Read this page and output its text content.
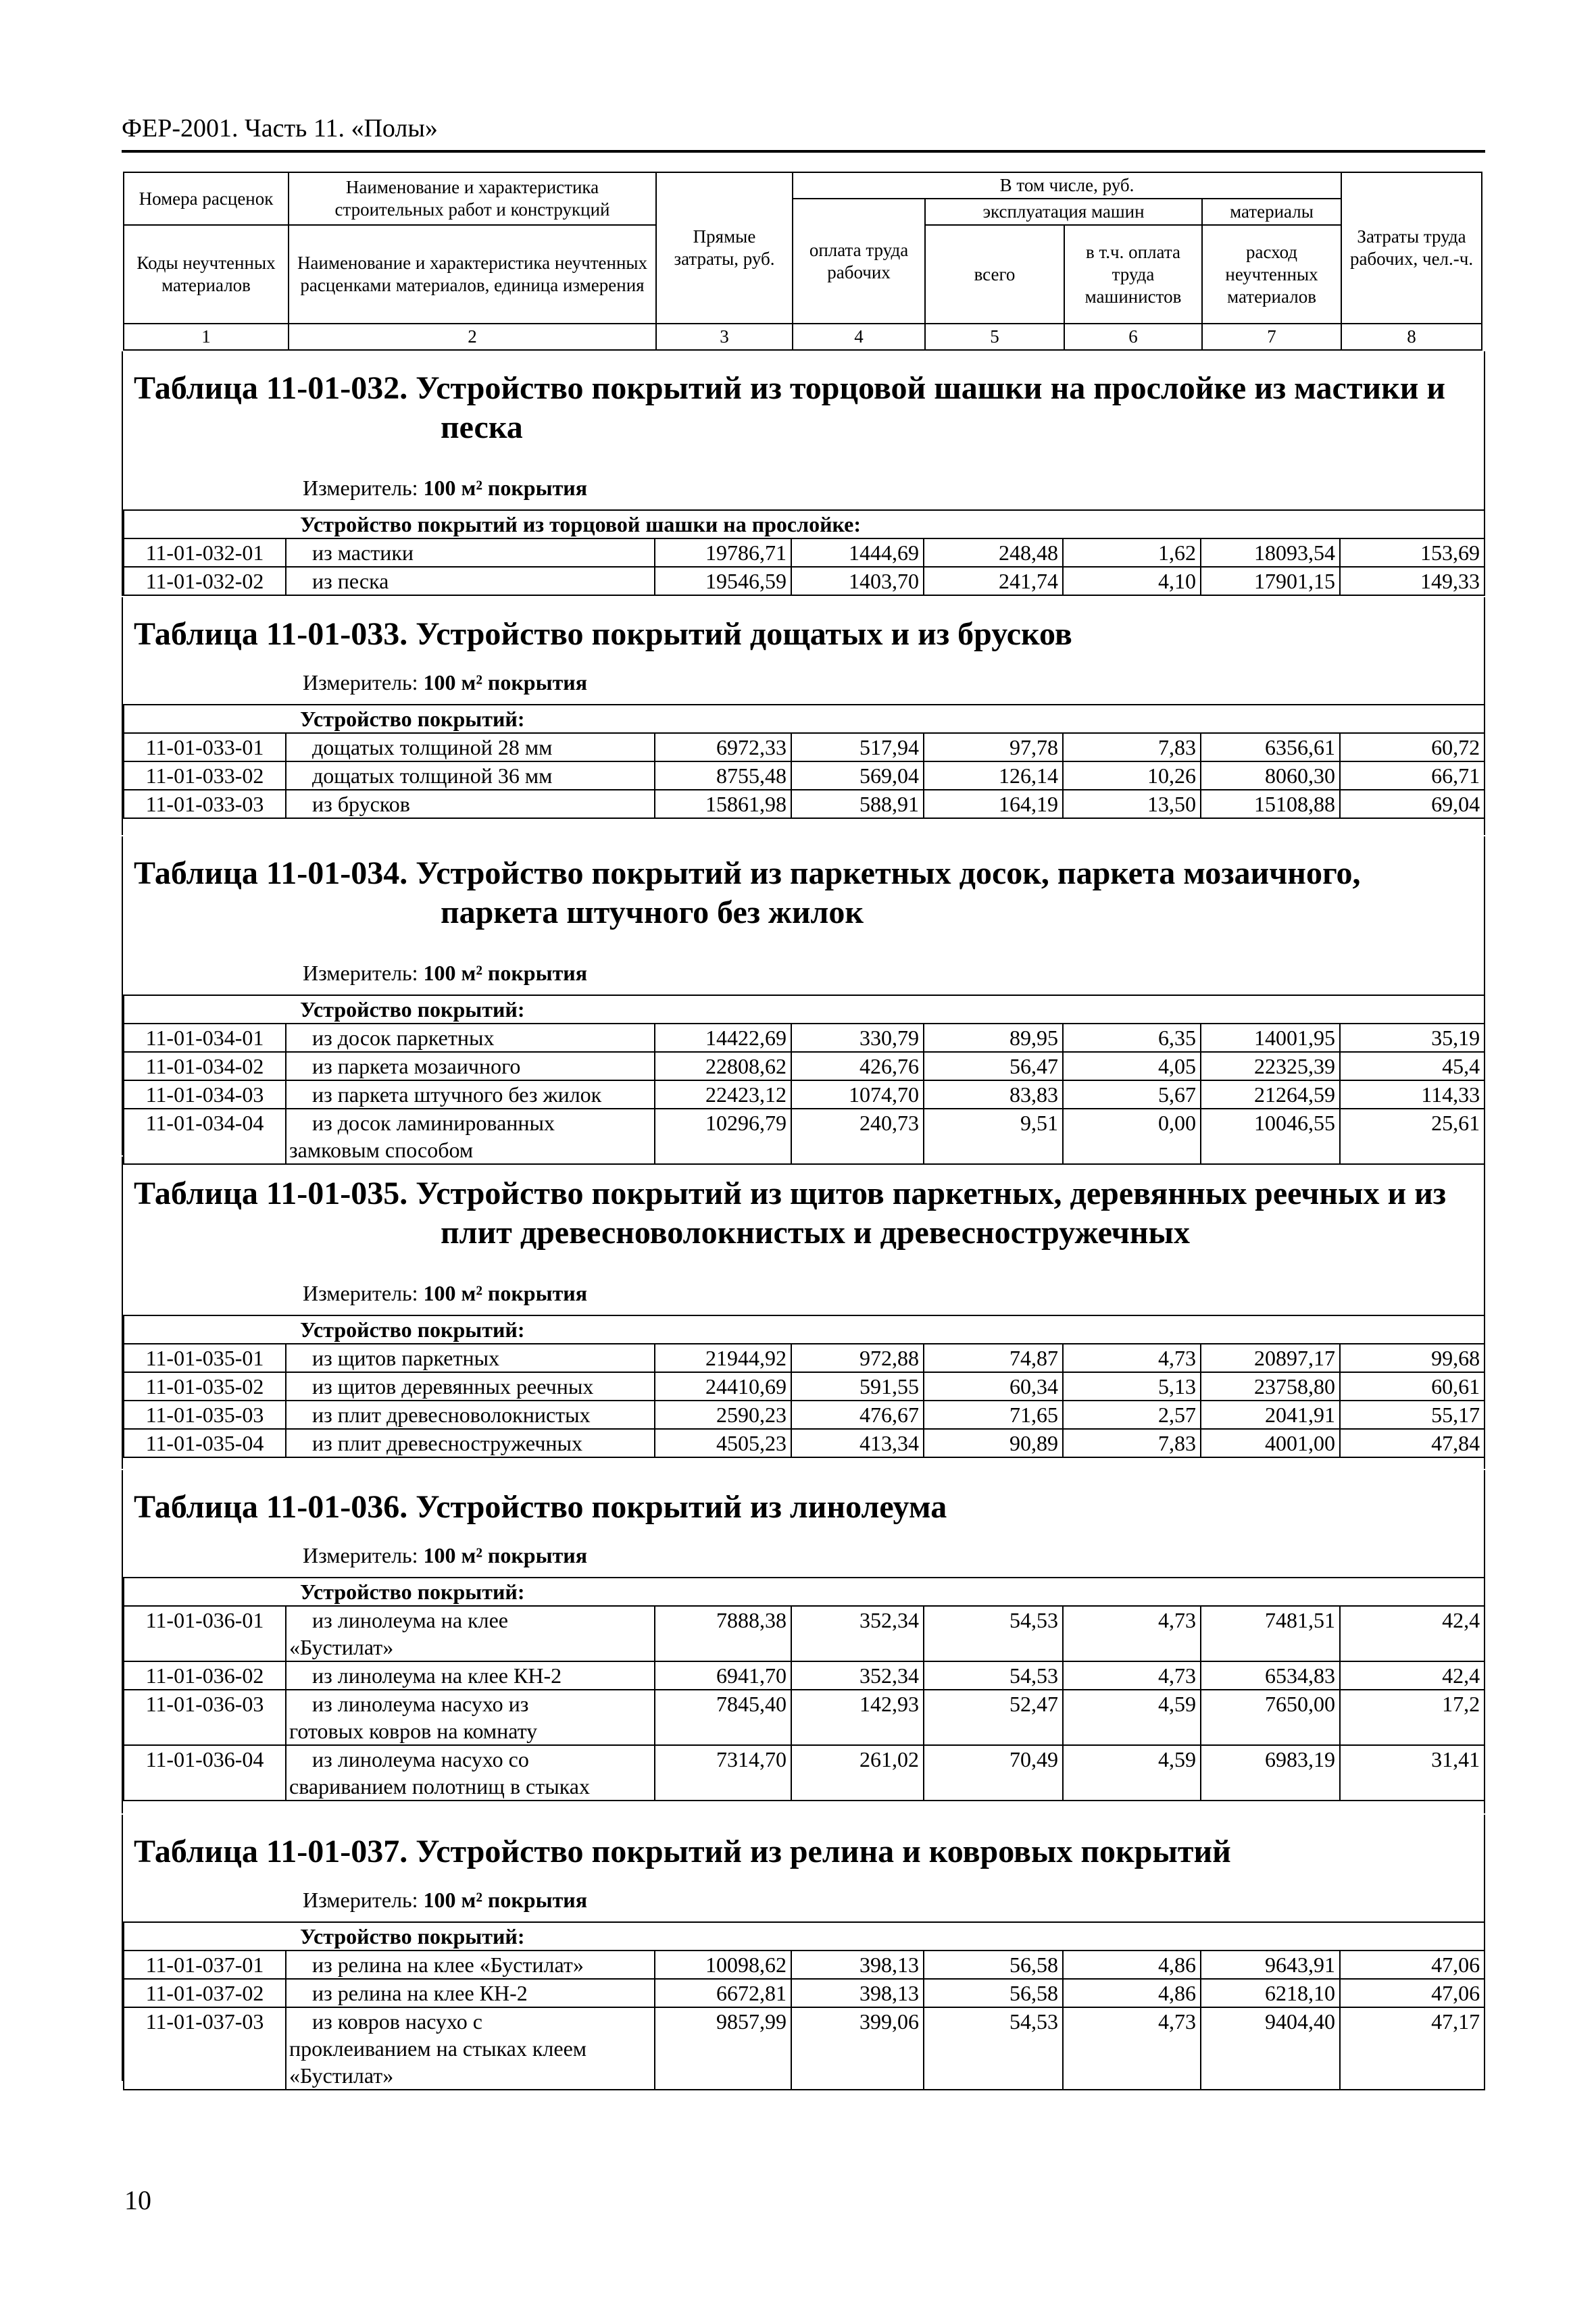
ФЕР-2001. Часть 11. «Полы»
Номера расценок	Наименование и характеристика строительных работ и конструкций	Прямые затраты, руб.	В том числе, руб.				Затраты труда рабочих, чел.-ч.
			оплата труда рабочих	эксплуатация машин		материалы	
Коды неучтенных материалов	Наименование и характеристика неучтенных расценками материалов, единица измерения			всего	в т.ч. оплата труда машинистов	расход неучтенных материалов	

1	2	3	4	5	6	7	8
Таблица 11-01-032. Устройство покрытий из торцовой шашки на прослойке из мастики и
песка
Измеритель: 100 м² покрытия
Устройство покрытий из торцовой шашки на прослойке:							
11-01-032-01	из мастики	19786,71	1444,69	248,48	1,62	18093,54	153,69
11-01-032-02	из песка	19546,59	1403,70	241,74	4,10	17901,15	149,33
Таблица 11-01-033. Устройство покрытий дощатых и из брусков
Измеритель: 100 м² покрытия
Устройство покрытий:							
11-01-033-01	дощатых толщиной 28 мм	6972,33	517,94	97,78	7,83	6356,61	60,72
11-01-033-02	дощатых толщиной 36 мм	8755,48	569,04	126,14	10,26	8060,30	66,71
11-01-033-03	из брусков	15861,98	588,91	164,19	13,50	15108,88	69,04
Таблица 11-01-034. Устройство покрытий из паркетных досок, паркета мозаичного,
паркета штучного без жилок
Измеритель: 100 м² покрытия
Устройство покрытий:							
11-01-034-01	из досок паркетных	14422,69	330,79	89,95	6,35	14001,95	35,19
11-01-034-02	из паркета мозаичного	22808,62	426,76	56,47	4,05	22325,39	45,4
11-01-034-03	из паркета штучного без жилок	22423,12	1074,70	83,83	5,67	21264,59	114,33
11-01-034-04	из досок ламинированных
замковым способом	10296,79	240,73	9,51	0,00	10046,55	25,61
Таблица 11-01-035. Устройство покрытий из щитов паркетных, деревянных реечных и из
плит древесноволокнистых и древесностружечных
Измеритель: 100 м² покрытия
Устройство покрытий:							
11-01-035-01	из щитов паркетных	21944,92	972,88	74,87	4,73	20897,17	99,68
11-01-035-02	из щитов деревянных реечных	24410,69	591,55	60,34	5,13	23758,80	60,61
11-01-035-03	из плит древесноволокнистых	2590,23	476,67	71,65	2,57	2041,91	55,17
11-01-035-04	из плит древесностружечных	4505,23	413,34	90,89	7,83	4001,00	47,84
Таблица 11-01-036. Устройство покрытий из линолеума
Измеритель: 100 м² покрытия
Устройство покрытий:							
11-01-036-01	из линолеума на клее
«Бустилат»	7888,38	352,34	54,53	4,73	7481,51	42,4
11-01-036-02	из линолеума на клее КН-2	6941,70	352,34	54,53	4,73	6534,83	42,4
11-01-036-03	из линолеума насухо из
готовых ковров на комнату	7845,40	142,93	52,47	4,59	7650,00	17,2
11-01-036-04	из линолеума насухо со
свариванием полотнищ в стыках	7314,70	261,02	70,49	4,59	6983,19	31,41
Таблица 11-01-037. Устройство покрытий из релина и ковровых покрытий
Измеритель: 100 м² покрытия
Устройство покрытий:							
11-01-037-01	из релина на клее «Бустилат»	10098,62	398,13	56,58	4,86	9643,91	47,06
11-01-037-02	из релина на клее КН-2	6672,81	398,13	56,58	4,86	6218,10	47,06
11-01-037-03	из ковров насухо с
проклеиванием на стыках клеем
«Бустилат»	9857,99	399,06	54,53	4,73	9404,40	47,17
10
